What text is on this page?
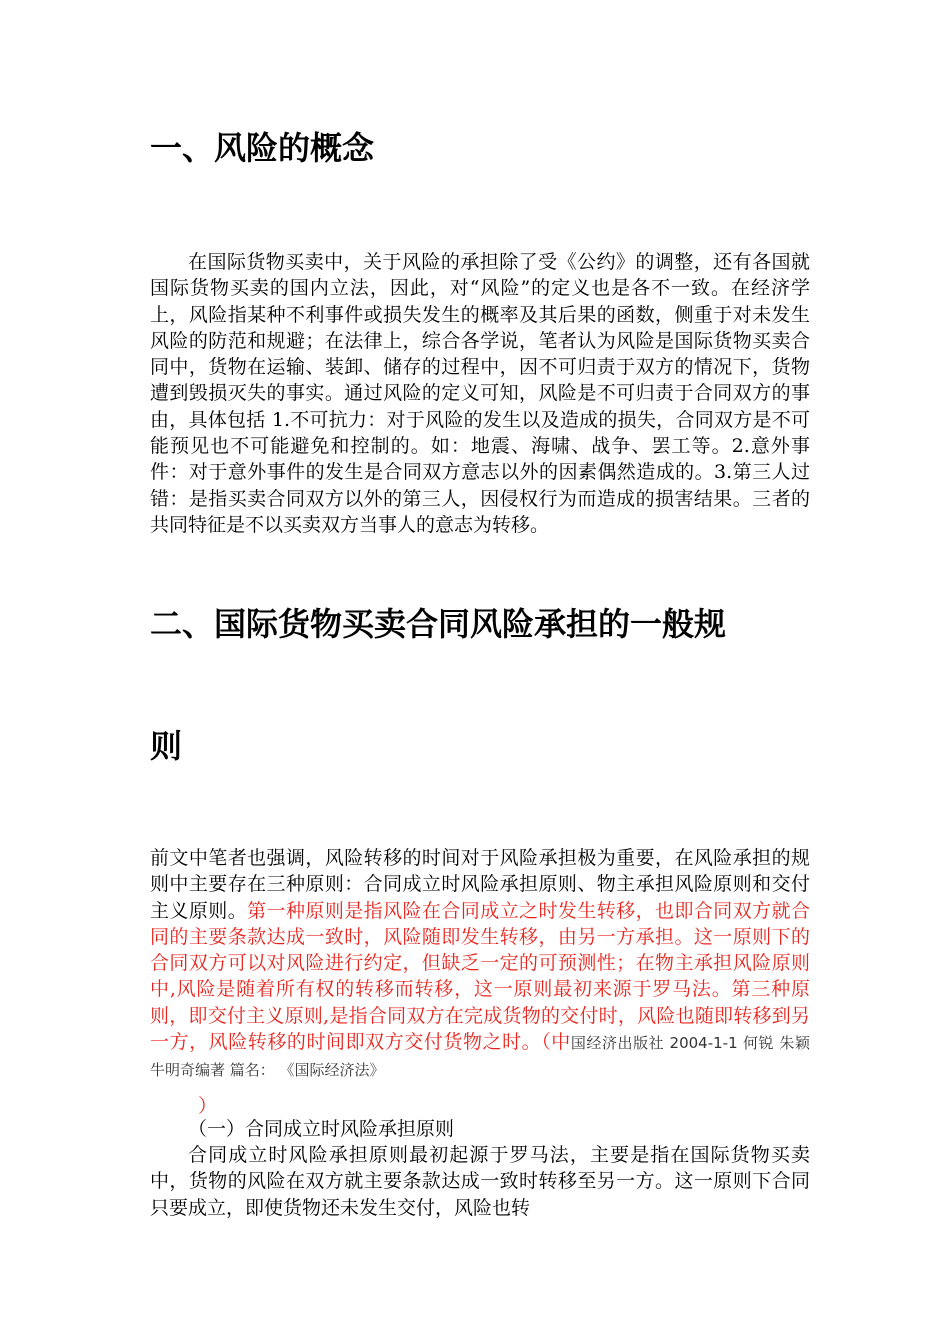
一、风险的概念

在国际货物买卖中，关于风险的承担除了受《公约》的调整，还有各国就国际货物买卖的国内立法，因此，对“风险”的定义也是各不一致。在经济学上，风险指某种不利事件或损失发生的概率及其后果的函数，侧重于对未发生风险的防范和规避；在法律上，综合各学说，笔者认为风险是国际货物买卖合同中，货物在运输、装卸、储存的过程中，因不可归责于双方的情况下，货物遭到毁损灭失的事实。通过风险的定义可知，风险是不可归责于合同双方的事由，具体包括 1.不可抗力：对于风险的发生以及造成的损失，合同双方是不可能预见也不可能避免和控制的。如：地震、海啸、战争、罢工等。2.意外事件：对于意外事件的发生是合同双方意志以外的因素偶然造成的。3.第三人过错：是指买卖合同双方以外的第三人，因侵权行为而造成的损害结果。三者的共同特征是不以买卖双方当事人的意志为转移。

二、国际货物买卖合同风险承担的一般规
则

前文中笔者也强调，风险转移的时间对于风险承担极为重要，在风险承担的规则中主要存在三种原则：合同成立时风险承担原则、物主承担风险原则和交付主义原则。第一种原则是指风险在合同成立之时发生转移，也即合同双方就合同的主要条款达成一致时，风险随即发生转移，由另一方承担。这一原则下的合同双方可以对风险进行约定，但缺乏一定的可预测性；在物主承担风险原则中,风险是随着所有权的转移而转移，这一原则最初来源于罗马法。第三种原则，即交付主义原则,是指合同双方在完成货物的交付时，风险也随即转移到另一方，风险转移的时间即双方交付货物之时。（中国经济出版社 2004-1-1 何锐 朱颖 牛明奇编著 篇名： 《国际经济法》

）

（一）合同成立时风险承担原则

合同成立时风险承担原则最初起源于罗马法，主要是指在国际货物买卖中，货物的风险在双方就主要条款达成一致时转移至另一方。这一原则下合同只要成立，即使货物还未发生交付，风险也转
